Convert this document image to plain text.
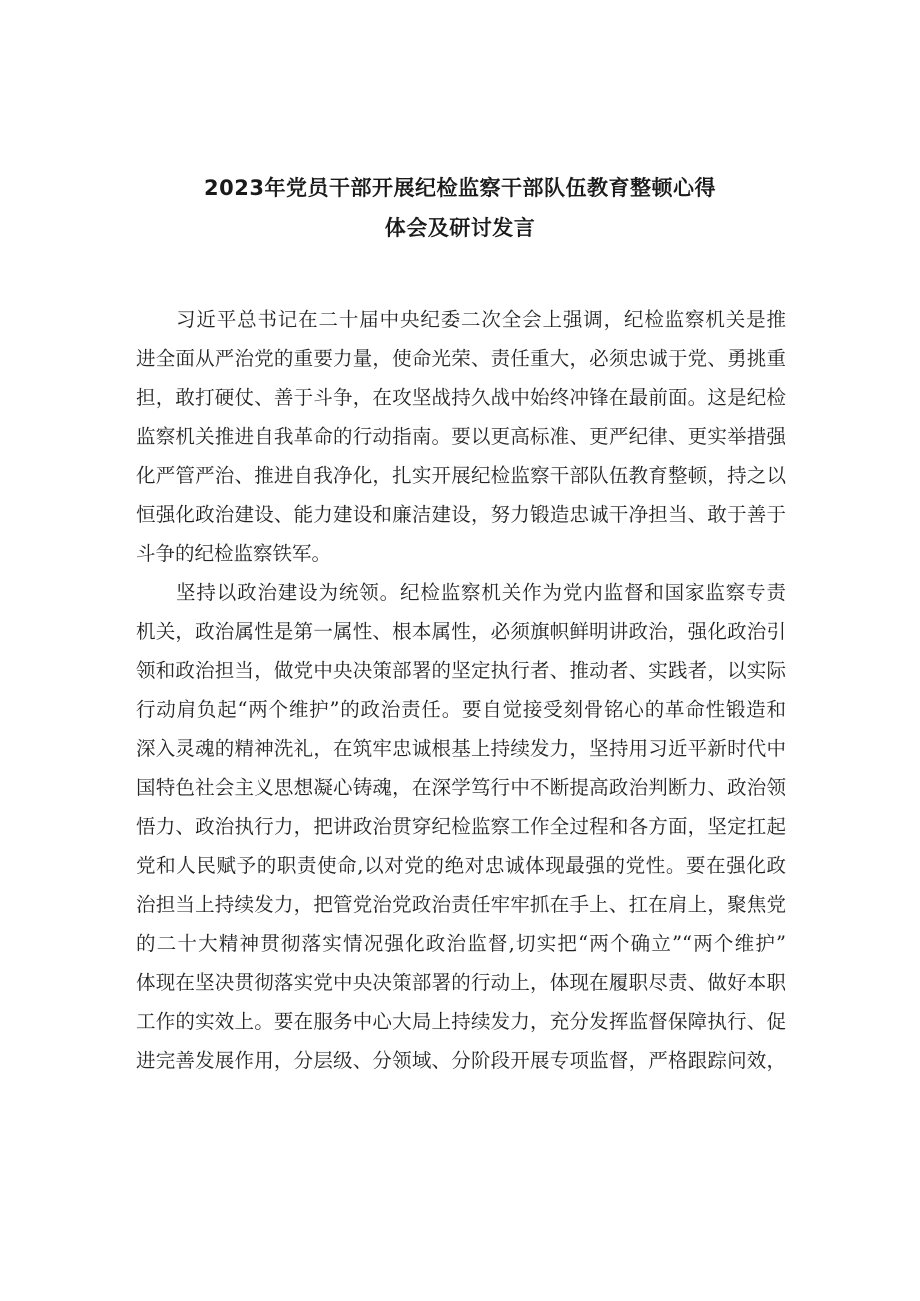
2023年党员干部开展纪检监察干部队伍教育整顿心得
体会及研讨发言
习近平总书记在二十届中央纪委二次全会上强调，纪检监察机关是推
进全面从严治党的重要力量，使命光荣、责任重大，必须忠诚于党、勇挑重
担，敢打硬仗、善于斗争，在攻坚战持久战中始终冲锋在最前面。这是纪检
监察机关推进自我革命的行动指南。要以更高标准、更严纪律、更实举措强
化严管严治、推进自我净化，扎实开展纪检监察干部队伍教育整顿，持之以
恒强化政治建设、能力建设和廉洁建设，努力锻造忠诚干净担当、敢于善于
斗争的纪检监察铁军。
坚持以政治建设为统领。纪检监察机关作为党内监督和国家监察专责
机关，政治属性是第一属性、根本属性，必须旗帜鲜明讲政治，强化政治引
领和政治担当，做党中央决策部署的坚定执行者、推动者、实践者，以实际
行动肩负起“两个维护”的政治责任。要自觉接受刻骨铭心的革命性锻造和
深入灵魂的精神洗礼，在筑牢忠诚根基上持续发力，坚持用习近平新时代中
国特色社会主义思想凝心铸魂，在深学笃行中不断提高政治判断力、政治领
悟力、政治执行力，把讲政治贯穿纪检监察工作全过程和各方面，坚定扛起
党和人民赋予的职责使命,以对党的绝对忠诚体现最强的党性。要在强化政
治担当上持续发力，把管党治党政治责任牢牢抓在手上、扛在肩上，聚焦党
的二十大精神贯彻落实情况强化政治监督,切实把“两个确立”“两个维护”
体现在坚决贯彻落实党中央决策部署的行动上，体现在履职尽责、做好本职
工作的实效上。要在服务中心大局上持续发力，充分发挥监督保障执行、促
进完善发展作用，分层级、分领域、分阶段开展专项监督，严格跟踪问效，
